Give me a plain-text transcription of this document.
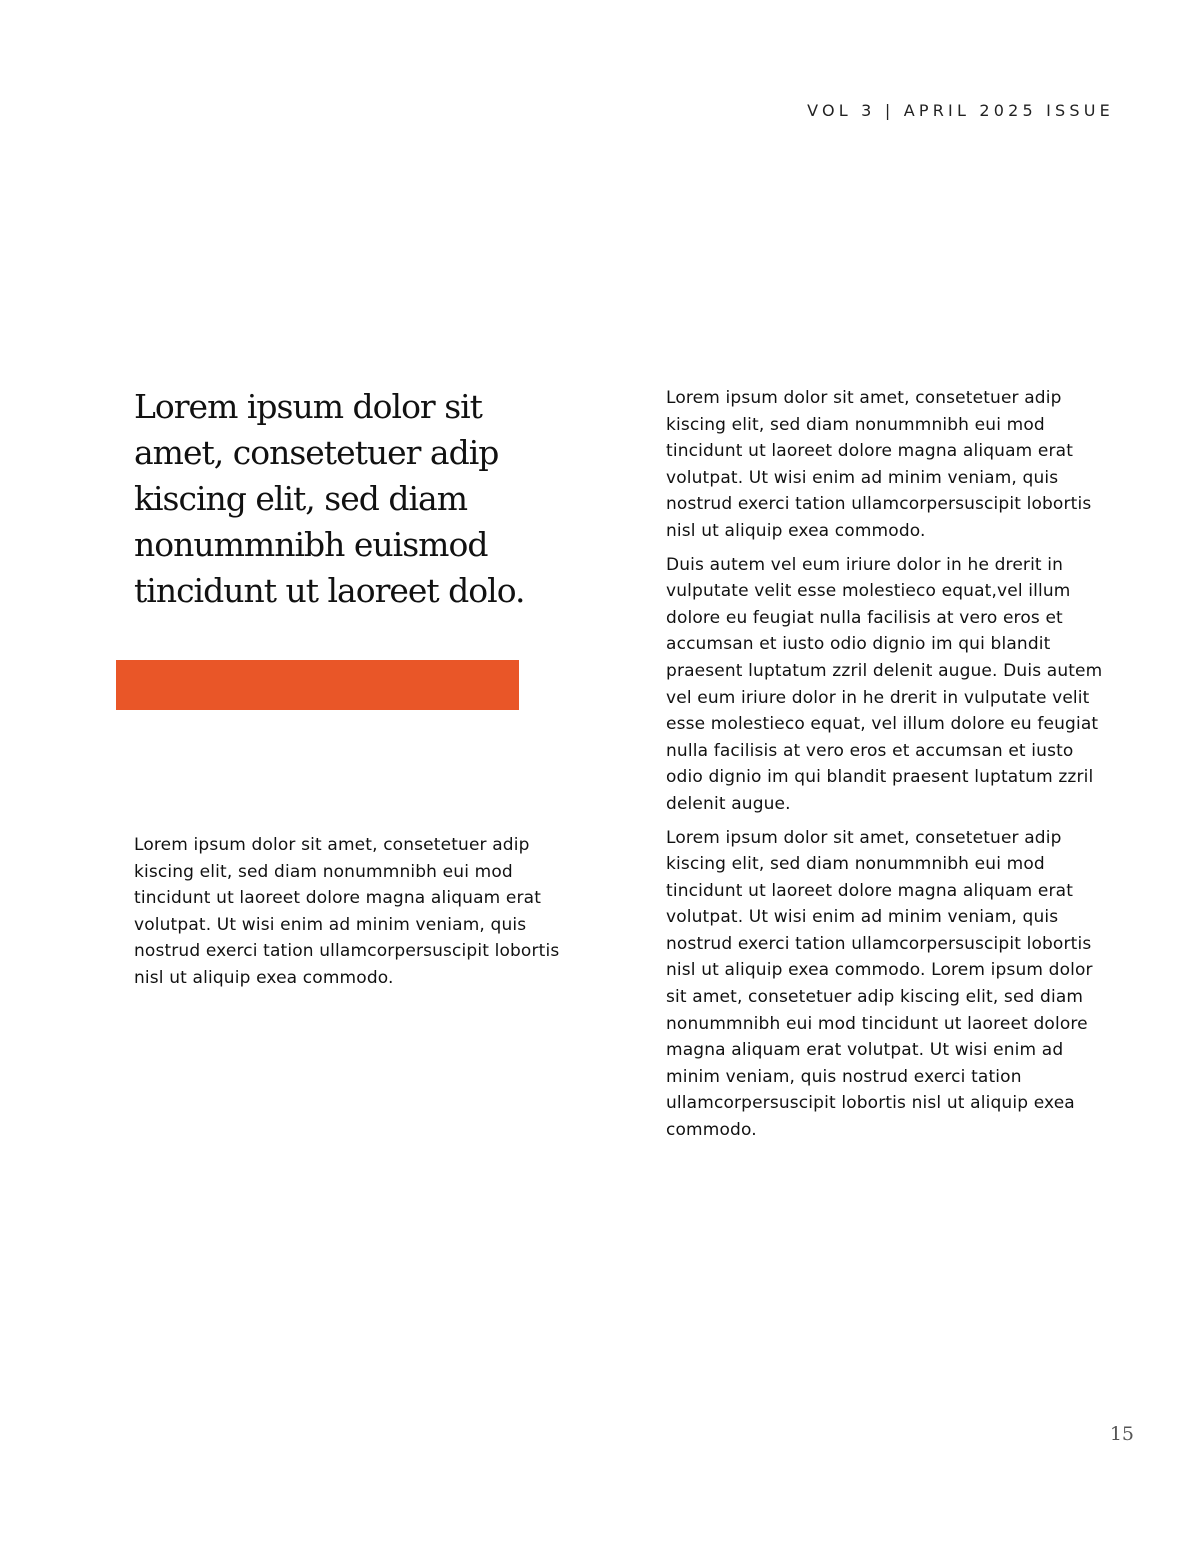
VOL 3 | APRIL 2025 ISSUE
Lorem ipsum dolor sit amet, consetetuer adip kiscing elit, sed diam nonummnibh euismod tincidunt ut laoreet dolo.

Lorem ipsum dolor sit amet, consetetuer adip kiscing elit, sed diam nonummnibh eui mod tincidunt ut laoreet dolore magna aliquam erat volutpat. Ut wisi enim ad minim veniam, quis nostrud exerci tation ullamcorpersuscipit lobortis nisl ut aliquip exea commodo.

Lorem ipsum dolor sit amet, consetetuer adip kiscing elit, sed diam nonummnibh eui mod tincidunt ut laoreet dolore magna aliquam erat volutpat. Ut wisi enim ad minim veniam, quis nostrud exerci tation ullamcorpersuscipit lobortis nisl ut aliquip exea commodo.

Duis autem vel eum iriure dolor in he drerit in vulputate velit esse molestieco equat,vel illum dolore eu feugiat nulla facilisis at vero eros et accumsan et iusto odio dignio im qui blandit praesent luptatum zzril delenit augue. Duis autem vel eum iriure dolor in he drerit in vulputate velit esse molestieco equat, vel illum dolore eu feugiat nulla facilisis at vero eros et accumsan et iusto odio dignio im qui blandit praesent luptatum zzril delenit augue.

Lorem ipsum dolor sit amet, consetetuer adip kiscing elit, sed diam nonummnibh eui mod tincidunt ut laoreet dolore magna aliquam erat volutpat. Ut wisi enim ad minim veniam, quis nostrud exerci tation ullamcorpersuscipit lobortis nisl ut aliquip exea commodo. Lorem ipsum dolor sit amet, consetetuer adip kiscing elit, sed diam nonummnibh eui mod tincidunt ut laoreet dolore magna aliquam erat volutpat. Ut wisi enim ad minim veniam, quis nostrud exerci tation ullamcorpersuscipit lobortis nisl ut aliquip exea commodo.

15
